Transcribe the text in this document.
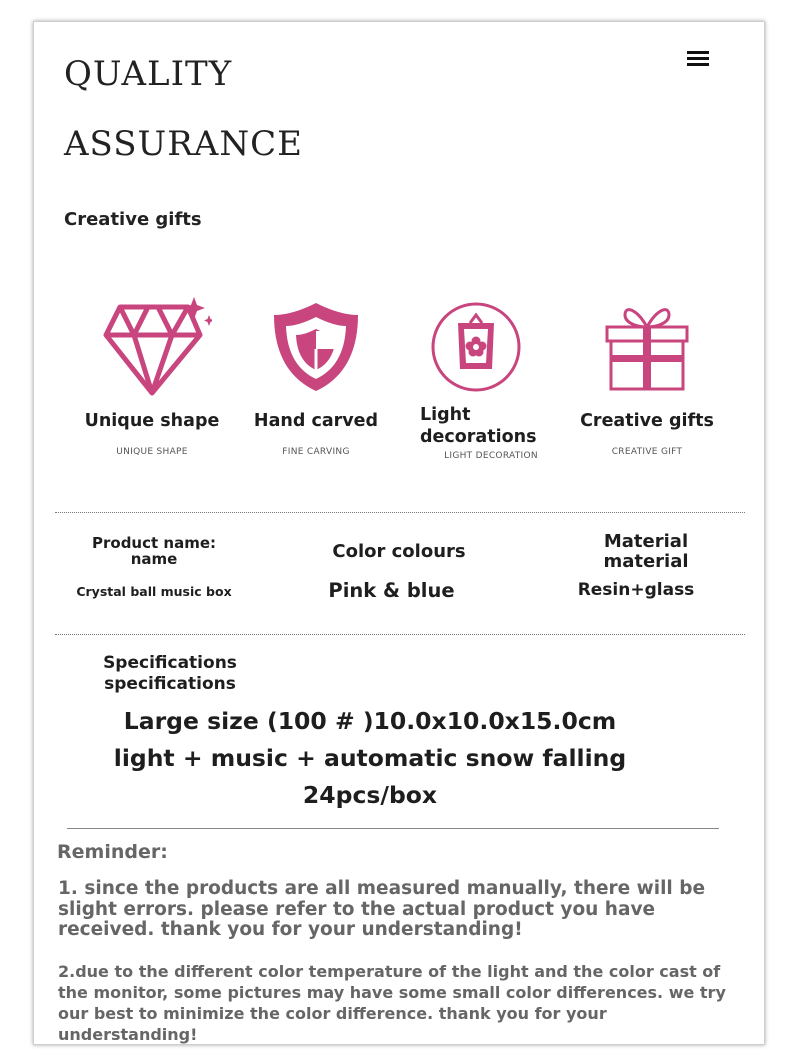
QUALITY
ASSURANCE
Creative gifts
Unique shape
UNIQUE SHAPE
Hand carved
FINE CARVING
Light decorations
LIGHT DECORATION
Creative gifts
CREATIVE GIFT
Product name: name
Crystal ball music box
Color colours
Pink & blue
Material material
Resin+glass
Specifications specifications
Large size (100 # )10.0x10.0x15.0cm light + music + automatic snow falling 24pcs/box
Reminder:
1. since the products are all measured manually, there will be slight errors. please refer to the actual product you have received. thank you for your understanding!
2.due to the different color temperature of the light and the color cast of the monitor, some pictures may have some small color differences. we try our best to minimize the color difference. thank you for your understanding!
